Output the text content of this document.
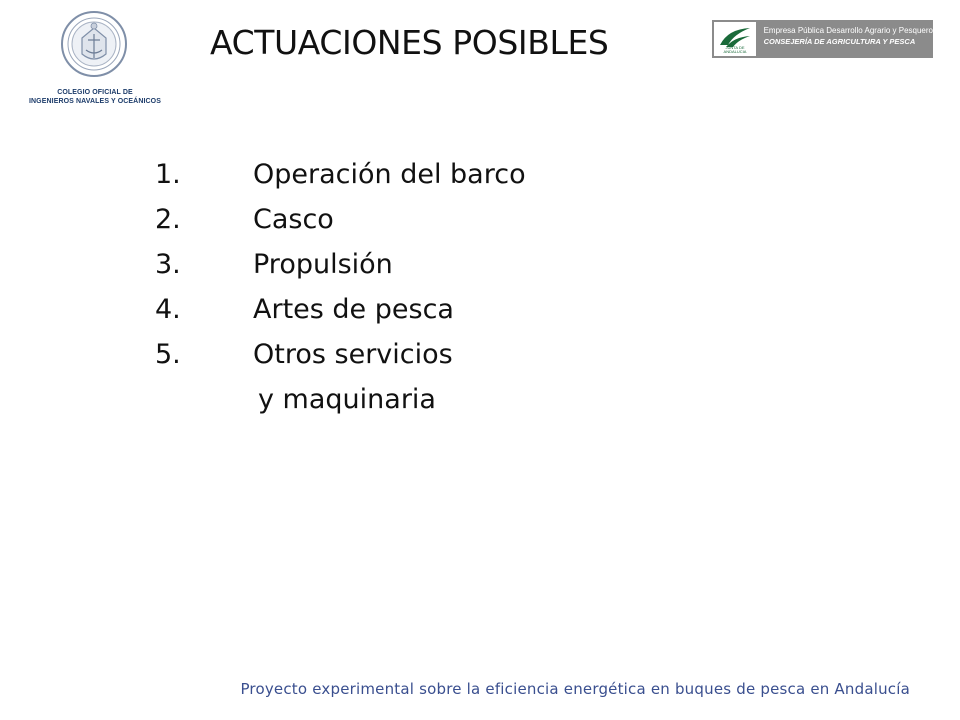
COLEGIO OFICIAL DE
INGENIEROS NAVALES Y OCEÁNICOS
ACTUACIONES POSIBLES	JUNTA DE ANDALUCIA
Empresa Pública Desarrollo Agrario y Pesquero
CONSEJERÍA DE AGRICULTURA Y PESCA
1.	Operación del barco
2.	Casco
3.	Propulsión
4.	Artes de pesca
5.	Otros servicios
y maquinaria
Proyecto experimental sobre la eficiencia energética en buques de pesca en Andalucía
